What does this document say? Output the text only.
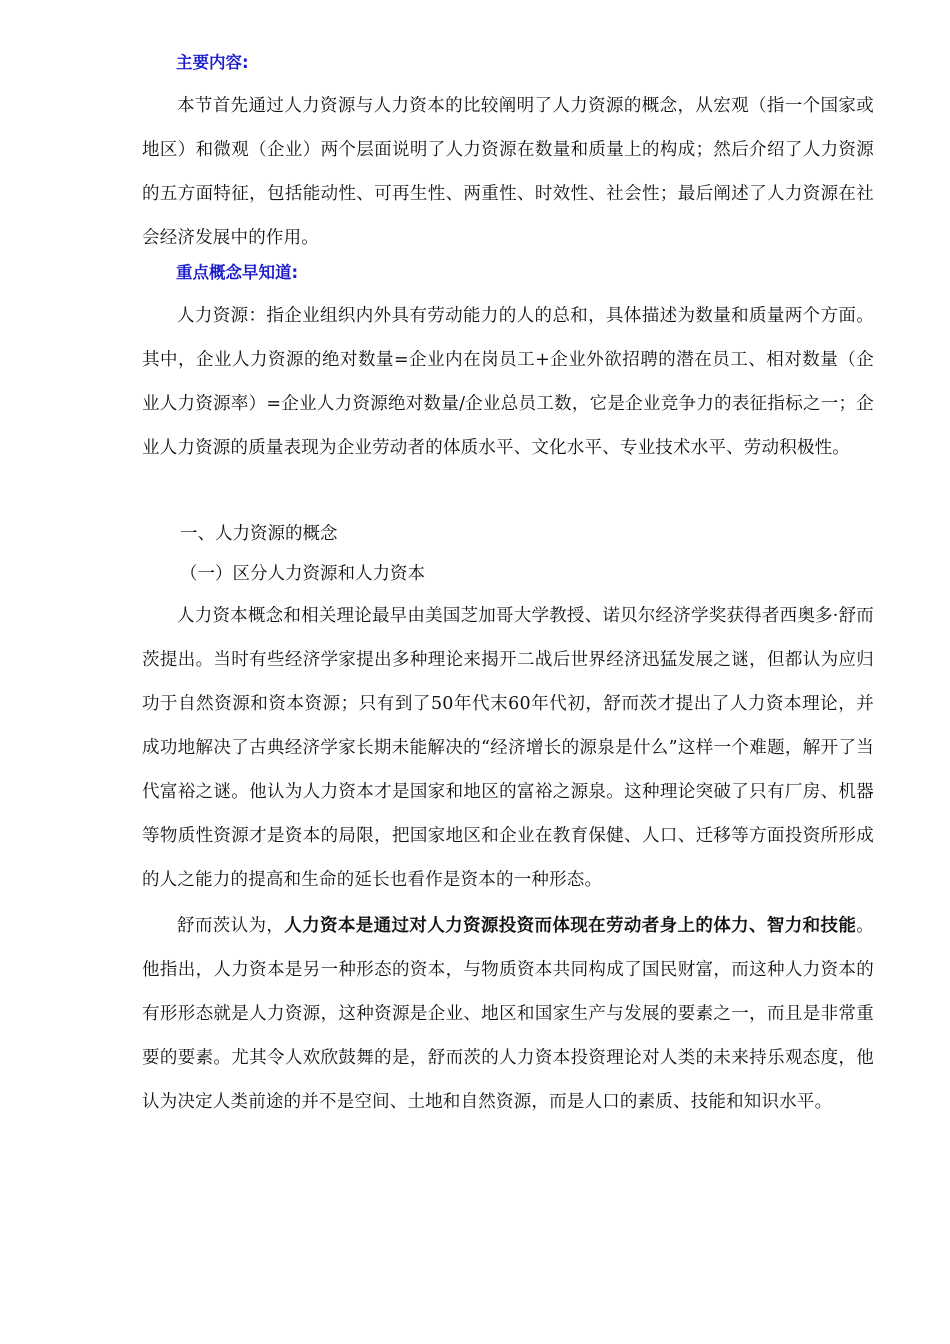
主要内容:

本节首先通过人力资源与人力资本的比较阐明了人力资源的概念，从宏观（指一个国家或地区）和微观（企业）两个层面说明了人力资源在数量和质量上的构成；然后介绍了人力资源的五方面特征，包括能动性、可再生性、两重性、时效性、社会性；最后阐述了人力资源在社会经济发展中的作用。

重点概念早知道:

人力资源：指企业组织内外具有劳动能力的人的总和，具体描述为数量和质量两个方面。其中，企业人力资源的绝对数量=企业内在岗员工+企业外欲招聘的潜在员工、相对数量（企业人力资源率）=企业人力资源绝对数量/企业总员工数，它是企业竞争力的表征指标之一；企业人力资源的质量表现为企业劳动者的体质水平、文化水平、专业技术水平、劳动积极性。

一、人力资源的概念
（一）区分人力资源和人力资本

人力资本概念和相关理论最早由美国芝加哥大学教授、诺贝尔经济学奖获得者西奥多·舒而茨提出。当时有些经济学家提出多种理论来揭开二战后世界经济迅猛发展之谜，但都认为应归功于自然资源和资本资源；只有到了50年代末60年代初，舒而茨才提出了人力资本理论，并成功地解决了古典经济学家长期未能解决的“经济增长的源泉是什么”这样一个难题，解开了当代富裕之谜。他认为人力资本才是国家和地区的富裕之源泉。这种理论突破了只有厂房、机器等物质性资源才是资本的局限，把国家地区和企业在教育保健、人口、迁移等方面投资所形成的人之能力的提高和生命的延长也看作是资本的一种形态。

舒而茨认为，人力资本是通过对人力资源投资而体现在劳动者身上的体力、智力和技能。他指出，人力资本是另一种形态的资本，与物质资本共同构成了国民财富，而这种人力资本的有形形态就是人力资源，这种资源是企业、地区和国家生产与发展的要素之一，而且是非常重要的要素。尤其令人欢欣鼓舞的是，舒而茨的人力资本投资理论对人类的未来持乐观态度，他认为决定人类前途的并不是空间、土地和自然资源，而是人口的素质、技能和知识水平。
